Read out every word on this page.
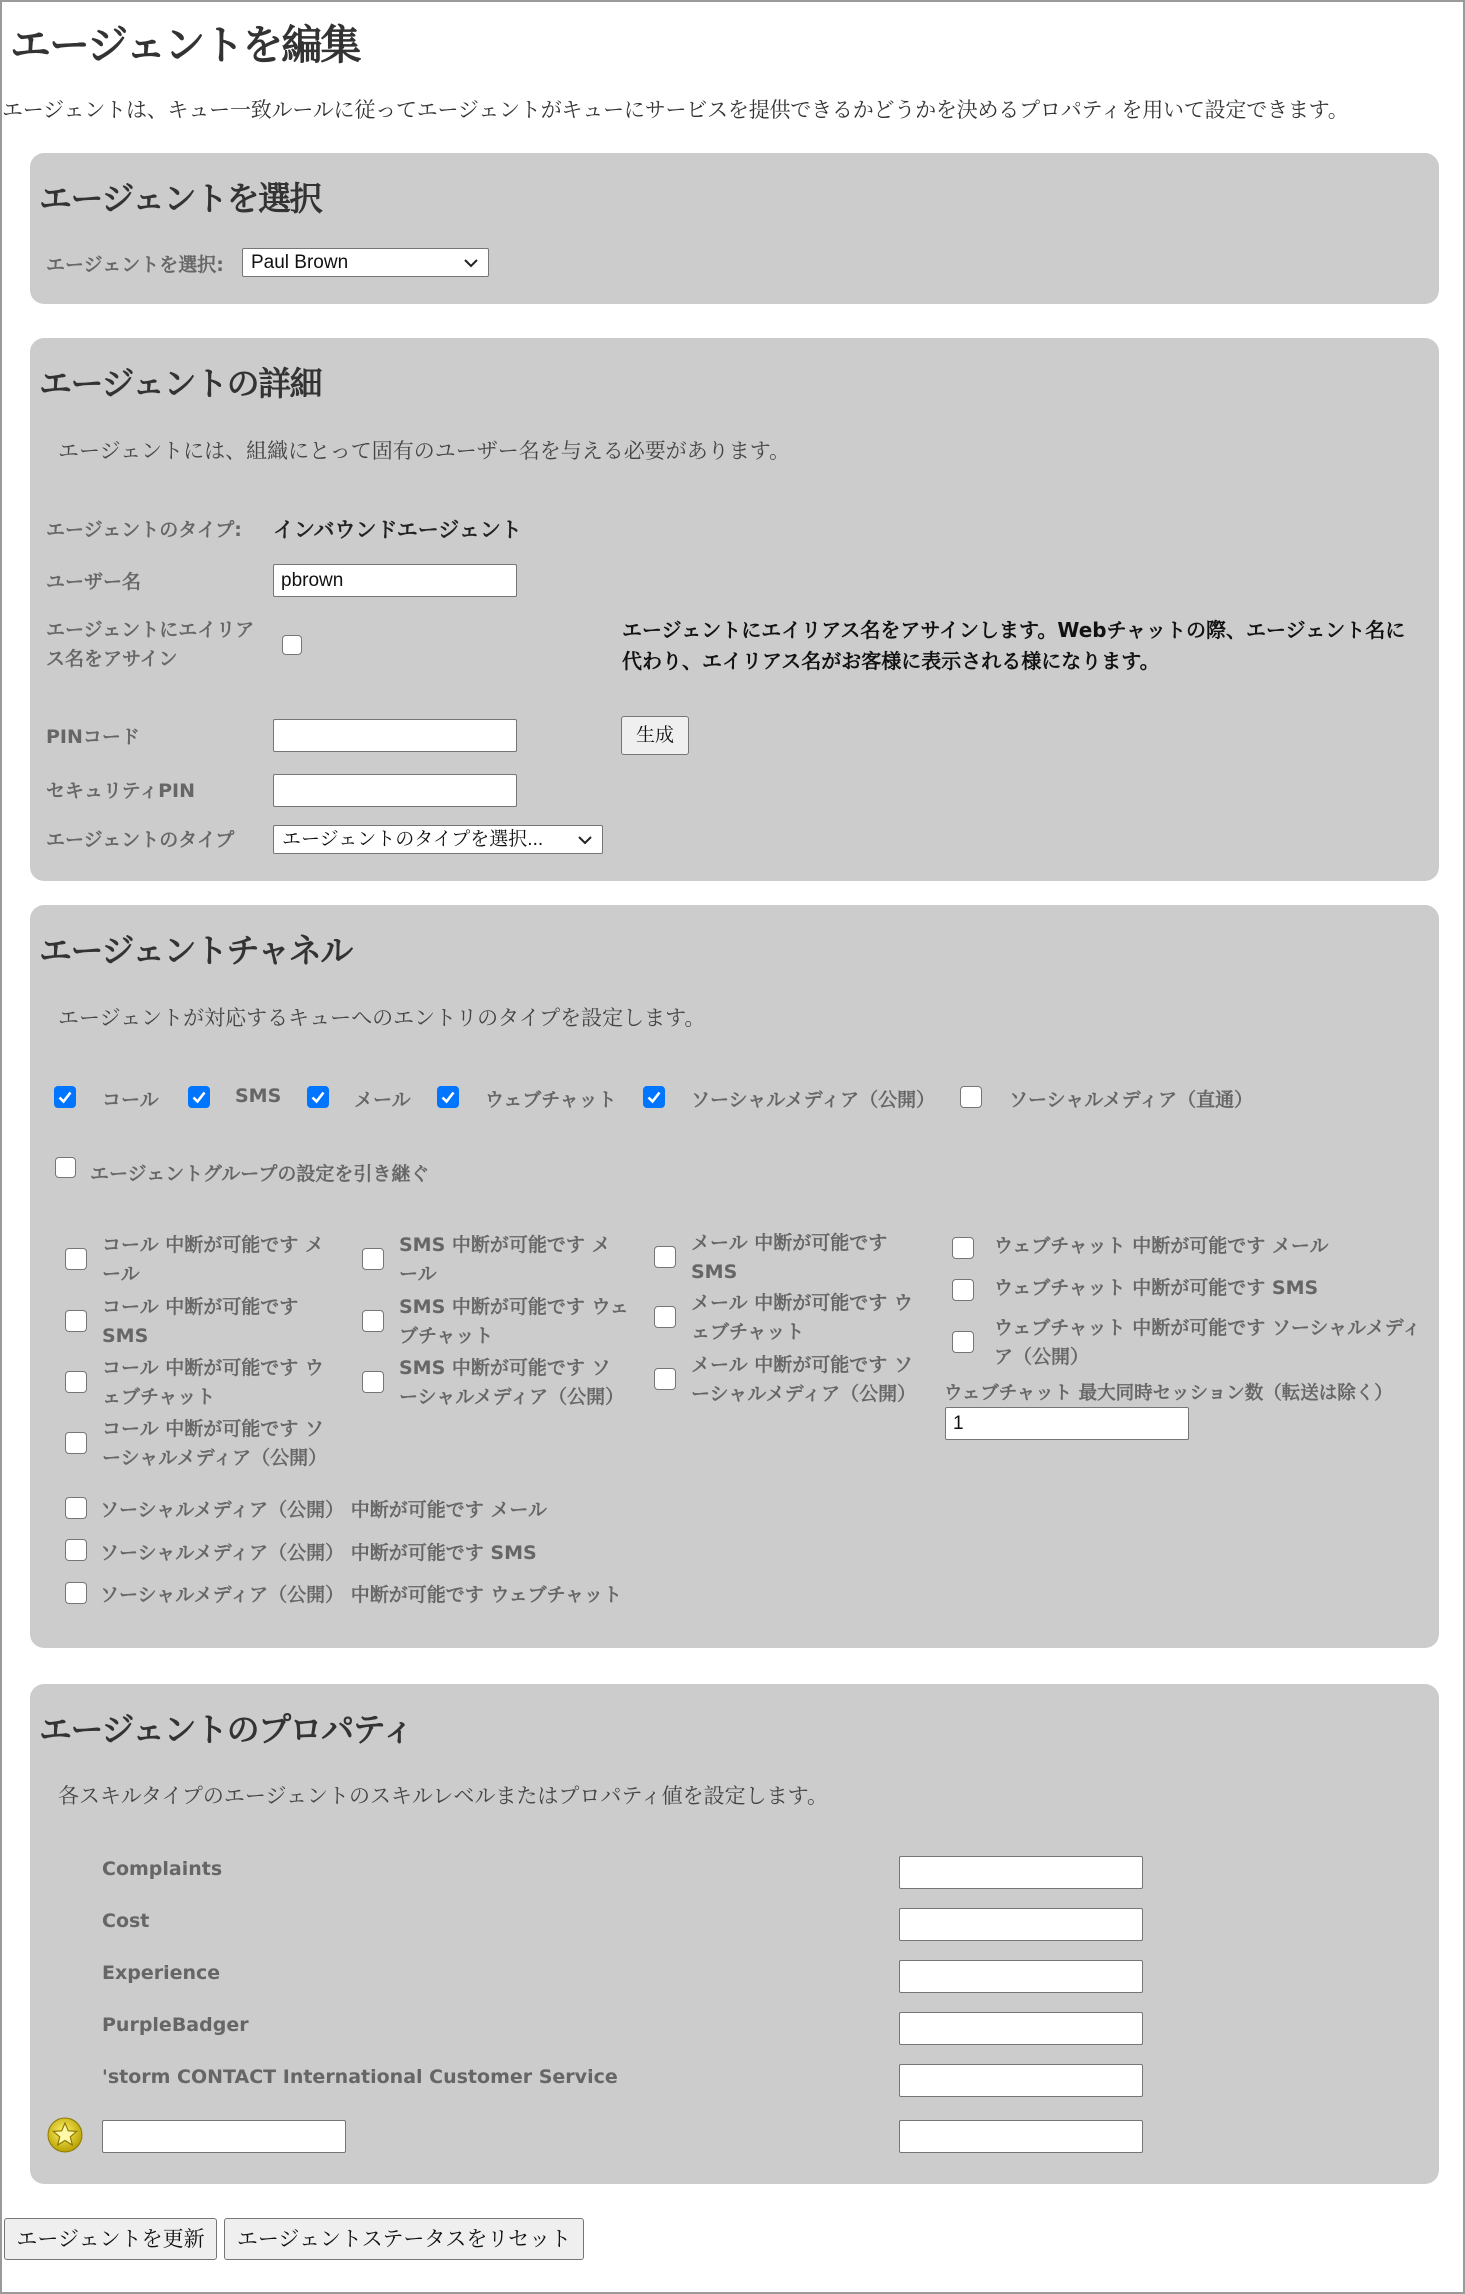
エージェントを編集
エージェントは、キュー一致ルールに従ってエージェントがキューにサービスを提供できるかどうかを決めるプロパティを用いて設定できます。
エージェントを選択
エージェントを選択:	Paul Brown
エージェントの詳細
エージェントには、組織にとって固有のユーザー名を与える必要があります。
エージェントのタイプ: インバウンドエージェント
ユーザー名	pbrown
エージェントにエイリアス名をアサイン
エージェントにエイリアス名をアサインします。Webチャットの際、エージェント名に代わり、エイリアス名がお客様に表示される様になります。
PINコード	生成
セキュリティPIN
エージェントのタイプ	エージェントのタイプを選択...
エージェントチャネル
エージェントが対応するキューへのエントリのタイプを設定します。
コール	SMS	メール	ウェブチャット	ソーシャルメディア（公開）	ソーシャルメディア（直通）
エージェントグループの設定を引き継ぐ
コール 中断が可能です メール
コール 中断が可能です SMS
コール 中断が可能です ウェブチャット
コール 中断が可能です ソーシャルメディア（公開）
SMS 中断が可能です メール
SMS 中断が可能です ウェブチャット
SMS 中断が可能です ソーシャルメディア（公開）
メール 中断が可能です SMS
メール 中断が可能です ウェブチャット
メール 中断が可能です ソーシャルメディア（公開）
ウェブチャット 中断が可能です メール
ウェブチャット 中断が可能です SMS
ウェブチャット 中断が可能です ソーシャルメディア（公開）
ウェブチャット 最大同時セッション数（転送は除く）
1
ソーシャルメディア（公開） 中断が可能です メール
ソーシャルメディア（公開） 中断が可能です SMS
ソーシャルメディア（公開） 中断が可能です ウェブチャット
エージェントのプロパティ
各スキルタイプのエージェントのスキルレベルまたはプロパティ値を設定します。
Complaints
Cost
Experience
PurpleBadger
'storm CONTACT International Customer Service
エージェントを更新	エージェントステータスをリセット
